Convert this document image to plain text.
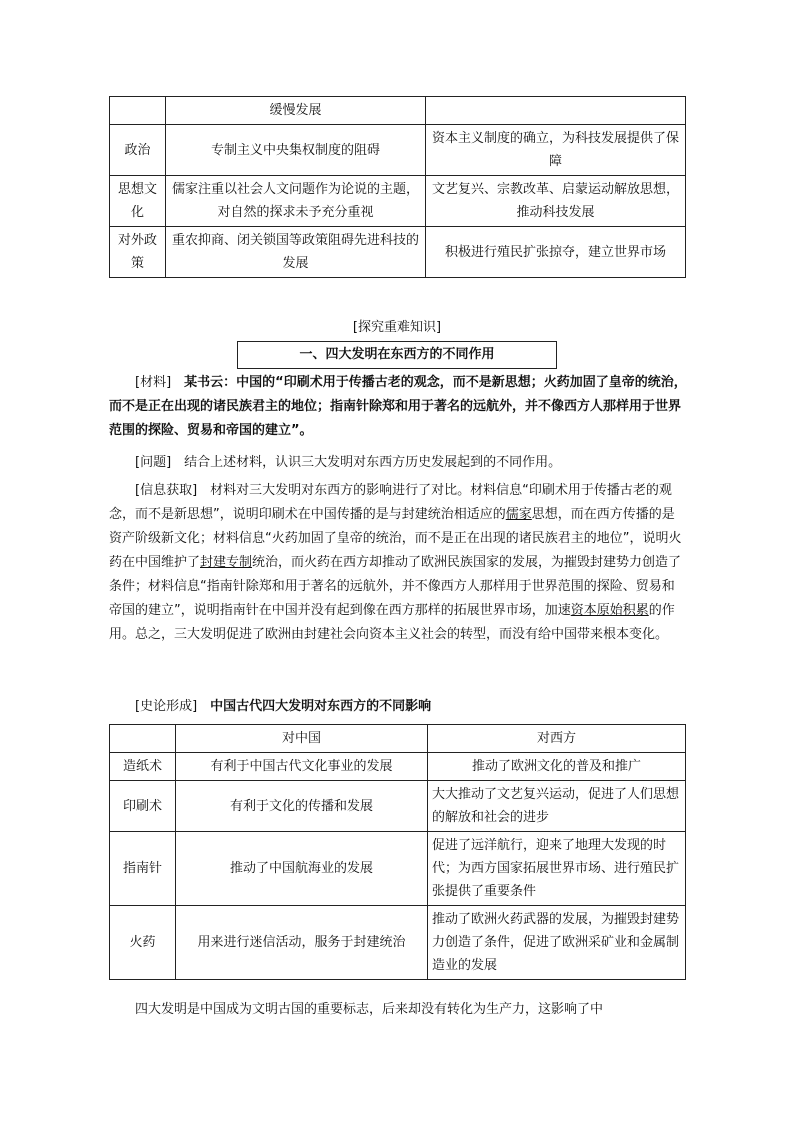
	缓慢发展	
政治	专制主义中央集权制度的阻碍	资本主义制度的确立，为科技发展提供了保障
思想文化	儒家注重以社会人文问题作为论说的主题，对自然的探求未予充分重视	文艺复兴、宗教改革、启蒙运动解放思想，推动科技发展
对外政策	重农抑商、闭关锁国等政策阻碍先进科技的发展	积极进行殖民扩张掠夺，建立世界市场
[探究重难知识]
一、四大发明在东西方的不同作用

[材料]　 某书云：中国的“印刷术用于传播古老的观念，而不是新思想；火药加固了皇帝的统治，而不是正在出现的诸民族君主的地位；指南针除郑和用于著名的远航外，并不像西方人那样用于世界范围的探险、贸易和帝国的建立”。

[问题]　 结合上述材料，认识三大发明对东西方历史发展起到的不同作用。

[信息获取]　 材料对三大发明对东西方的影响进行了对比。材料信息“印刷术用于传播古老的观念，而不是新思想”，说明印刷术在中国传播的是与封建统治相适应的儒家思想，而在西方传播的是资产阶级新文化；材料信息“火药加固了皇帝的统治，而不是正在出现的诸民族君主的地位”，说明火药在中国维护了封建专制统治，而火药在西方却推动了欧洲民族国家的发展，为摧毁封建势力创造了条件；材料信息“指南针除郑和用于著名的远航外，并不像西方人那样用于世界范围的探险、贸易和帝国的建立”，说明指南针在中国并没有起到像在西方那样的拓展世界市场，加速资本原始积累的作用。总之，三大发明促进了欧洲由封建社会向资本主义社会的转型，而没有给中国带来根本变化。

[史论形成]　 中国古代四大发明对东西方的不同影响

	对中国	对西方
造纸术	有利于中国古代文化事业的发展	推动了欧洲文化的普及和推广
印刷术	有利于文化的传播和发展	大大推动了文艺复兴运动，促进了人们思想的解放和社会的进步
指南针	推动了中国航海业的发展	促进了远洋航行，迎来了地理大发现的时代；为西方国家拓展世界市场、进行殖民扩张提供了重要条件
火药	用来进行迷信活动，服务于封建统治	推动了欧洲火药武器的发展，为摧毁封建势力创造了条件，促进了欧洲采矿业和金属制造业的发展

四大发明是中国成为文明古国的重要标志，后来却没有转化为生产力，这影响了中
